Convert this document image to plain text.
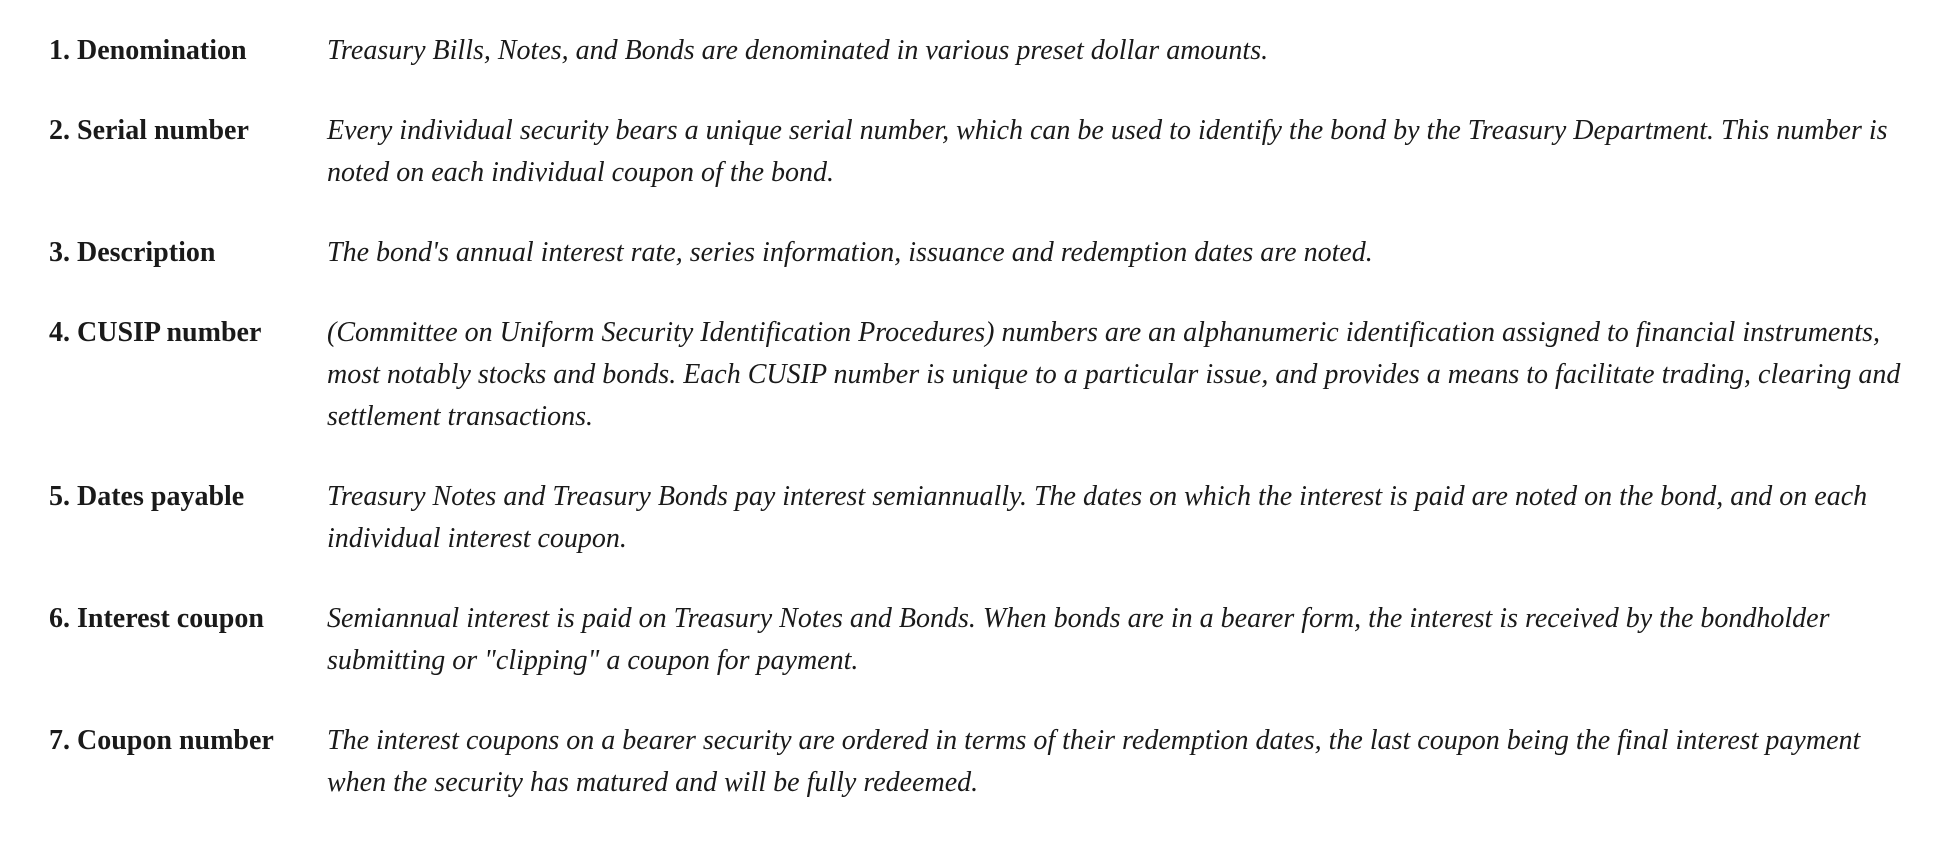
1. Denomination	Treasury Bills, Notes, and Bonds are denominated in various preset dollar amounts.
2. Serial number	Every individual security bears a unique serial number, which can be used to identify the bond by the Treasury Department. This number is noted on each individual coupon of the bond.
3. Description	The bond's annual interest rate, series information, issuance and redemption dates are noted.
4. CUSIP number	(Committee on Uniform Security Identification Procedures) numbers are an alphanumeric identification assigned to financial instruments, most notably stocks and bonds. Each CUSIP number is unique to a particular issue, and provides a means to facilitate trading, clearing and settlement transactions.
5. Dates payable	Treasury Notes and Treasury Bonds pay interest semiannually. The dates on which the interest is paid are noted on the bond, and on each individual interest coupon.
6. Interest coupon	Semiannual interest is paid on Treasury Notes and Bonds. When bonds are in a bearer form, the interest is received by the bondholder submitting or "clipping" a coupon for payment.
7. Coupon number	The interest coupons on a bearer security are ordered in terms of their redemption dates, the last coupon being the final interest payment when the security has matured and will be fully redeemed.
